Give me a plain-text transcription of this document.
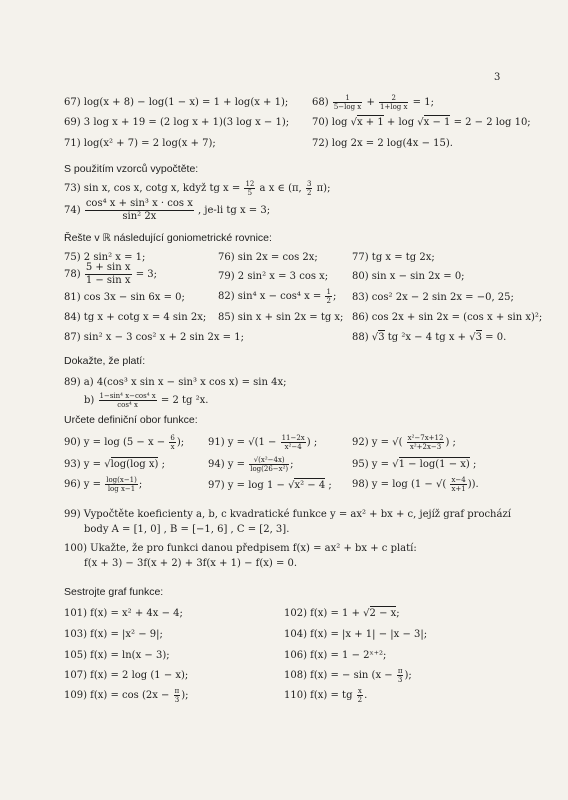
3
67) log(x + 8) − log(1 − x) = 1 + log(x + 1); $68) \frac{1}{\text{5−log x}} + \frac{2}{\text{1+log x}} = 1$;
69) 3 log x + 19 = (2 log x + 1)(3 log x − 1); 70) log √x + 1 + log √x − 1 = 2 − 2 log 10;
71) log(x² + 7) = 2 log(x + 7);	72) log 2x = 2 log(4x − 15).
S použitím vzorců vypočtěte:
73) sin x, cos x, cotg x, když tg $x = \frac{12}{5}$ a x ∈ (π, $\frac{3}{2} \pi$);
$74) \frac{\text{cos⁴ x + sin³ x · cos x}}{\text{sin² 2x}}$ , je-li tg x = 3;
Řešte v ℝ následující goniometrické rovnice:
75) 2 sin² x = 1;	76) sin 2x = cos 2x;	77) tg x = tg 2x;
$78) \frac{\text{5 + sin x}}{\text{1 − sin x}} = 3$;	79) 2 sin² x = 3 cos x; 80) sin x − sin 2x = 0;
81) cos 3x − sin 6x = 0;	82) sin⁴ x − cos⁴ $x = \frac{1}{2}$ ; 83) cos² 2x − 2 sin 2x = −0, 25;
84) tg x + cotg x = 4 sin 2x; 85) sin x + sin 2x = tg x; 86) cos 2x + sin 2x = (cos x + sin x)²;
87) sin² x − 3 cos² x + 2 sin 2x = 1;	88) √3 tg ²x − 4 tg x + √3 = 0.
Dokažte, že platí:
89) a) 4(cos³ x sin x − sin³ x cos x) = sin 4x;
$b) \frac{\text{1−sin⁴ x−cos⁴ x}}{\text{cos⁴ x}} = 2$ tg ²x.
Určete definiční obor funkce:
90) $y = \log (5 - x - \frac{6}{x}$ ); 91) $y = √(1 - \frac{11-2x}{\text{x²−4}}$ ) ;	92) y = √( $\frac{\text{x²−7x+12}}{\text{x²+2x−3}}$ ) ;
93) y = √log(log x) ;	94) $y = \frac{\text{√(x²−4x)}}{\text{log(26−x²)}}$ ;	95) y = √1 − log(1 − x) ;
96) $y = \frac{\log(x-1)}{\text{log x−1}}$ ;	97) y = log 1 − √x² − 4 ; 98) y = log (1 − √( $\frac{x-4}{x+1}$ )).
99) Vypočtěte koeficienty a, b, c kvadratické funkce y = ax² + bx + c, jejíž graf prochází
body A = [1, 0] , B = [−1, 6] , C = [2, 3].
100) Ukažte, že pro funkci danou předpisem f(x) = ax² + bx + c platí:
f(x + 3) − 3f(x + 2) + 3f(x + 1) − f(x) = 0.
Sestrojte graf funkce:
101) f(x) = x² + 4x − 4;	102) f(x) = 1 + √2 − x;
103) f(x) = |x² − 9|;	104) f(x) = |x + 1| − |x − 3|;
105) f(x) = ln(x − 3);	106) f(x) = 1 − 2ˣ⁺²;
107) f(x) = 2 log (1 − x);	108) f(x) = − $\sin (x - \frac{\pi}{3}$ );
109) $f(x) = \cos (2x - \frac{\pi}{3}$ );	110) f(x) = tg $\frac{x}{2}$ .
